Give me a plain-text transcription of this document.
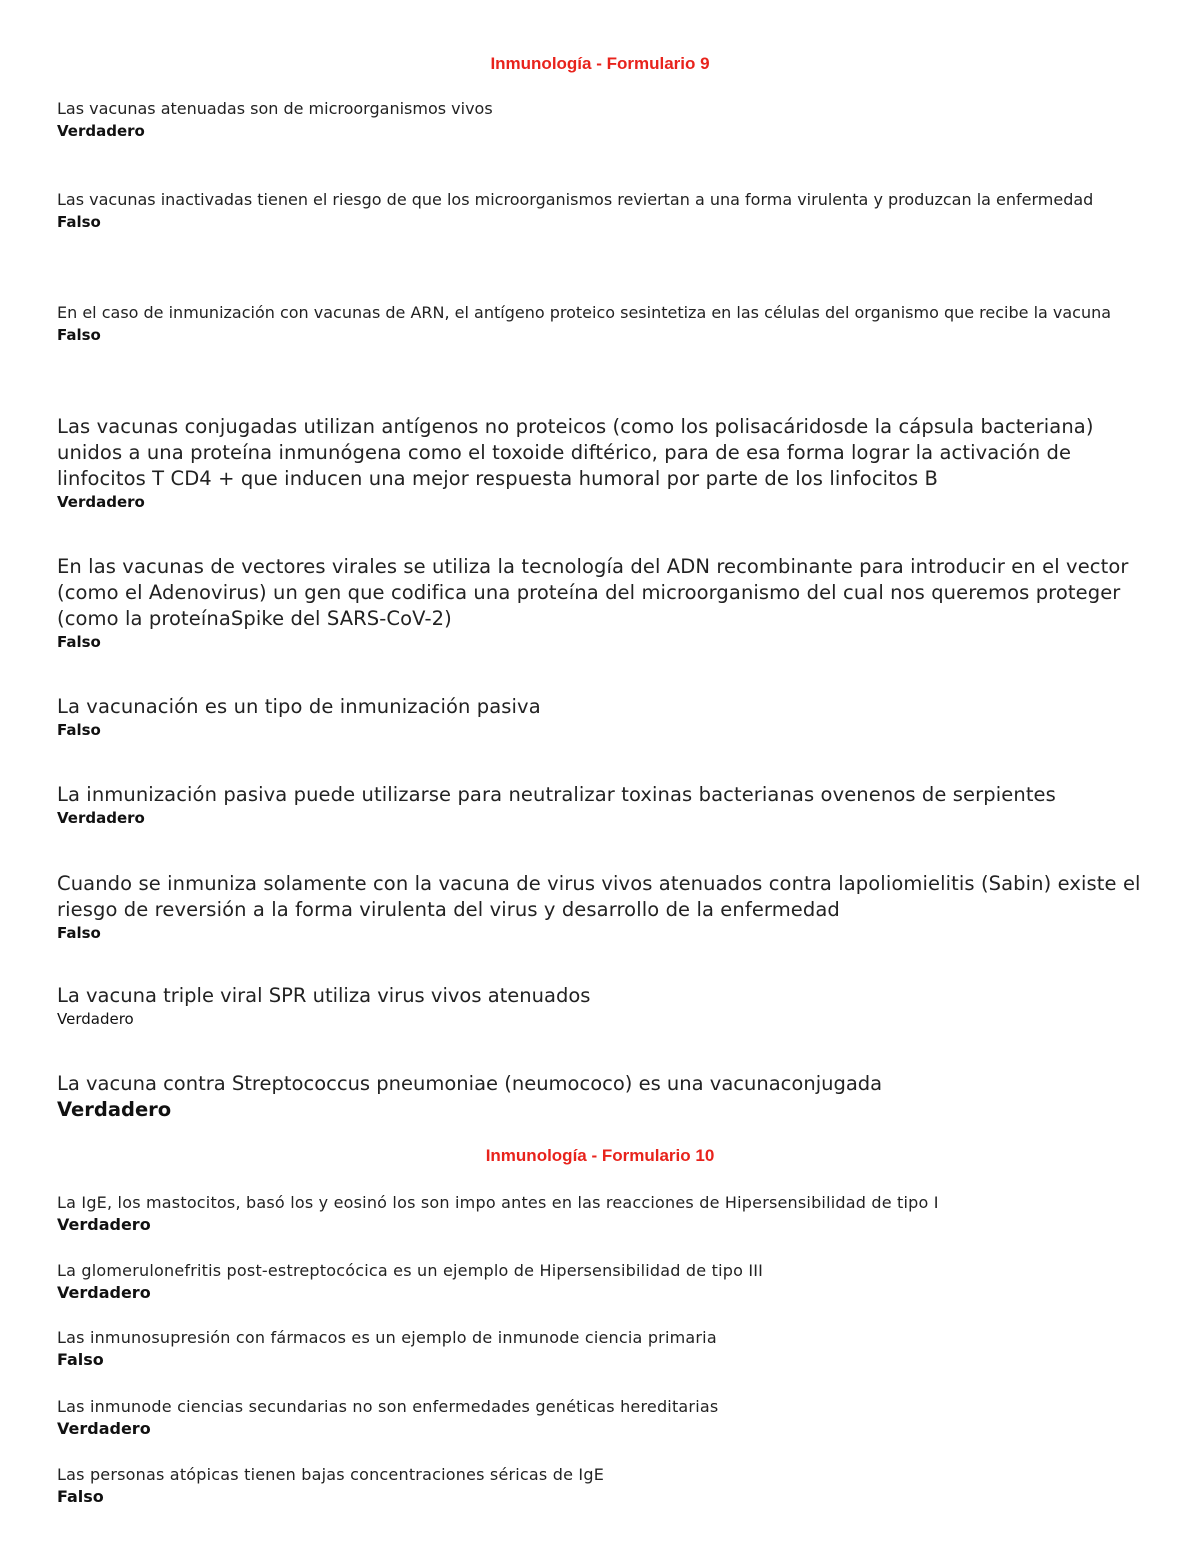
Inmunología - Formulario 9

Las vacunas atenuadas son de microorganismos vivos

Verdadero

Las vacunas inactivadas tienen el riesgo de que los microorganismos reviertan a una forma virulenta y produzcan la enfermedad

Falso

En el caso de inmunización con vacunas de ARN, el antígeno proteico sesintetiza en las células del organismo que recibe la vacuna

Falso

Las vacunas conjugadas utilizan antígenos no proteicos (como los polisacáridosde la cápsula bacteriana) unidos a una proteína inmunógena como el toxoide diftérico, para de esa forma lograr la activación de linfocitos T CD4 + que inducen una mejor respuesta humoral por parte de los linfocitos B

Verdadero

En las vacunas de vectores virales se utiliza la tecnología del ADN recombinante para introducir en el vector (como el Adenovirus) un gen que codifica una proteína del microorganismo del cual nos queremos proteger (como la proteínaSpike del SARS-CoV-2)

Falso

La vacunación es un tipo de inmunización pasiva

Falso

La inmunización pasiva puede utilizarse para neutralizar toxinas bacterianas ovenenos de serpientes

Verdadero

Cuando se inmuniza solamente con la vacuna de virus vivos atenuados contra lapoliomielitis (Sabin) existe el riesgo de reversión a la forma virulenta del virus y desarrollo de la enfermedad

Falso

La vacuna triple viral SPR utiliza virus vivos atenuados

Verdadero

La vacuna contra Streptococcus pneumoniae (neumococo) es una vacunaconjugada

Verdadero

Inmunología - Formulario 10

La IgE, los mastocitos, basó los y eosinó los son impo antes en las reacciones de Hipersensibilidad de tipo I

Verdadero

La glomerulonefritis post-estreptocócica es un ejemplo de Hipersensibilidad de tipo III

Verdadero

Las inmunosupresión con fármacos es un ejemplo de inmunode ciencia primaria

Falso

Las inmunode ciencias secundarias no son enfermedades genéticas hereditarias

Verdadero

Las personas atópicas tienen bajas concentraciones séricas de IgE

Falso
